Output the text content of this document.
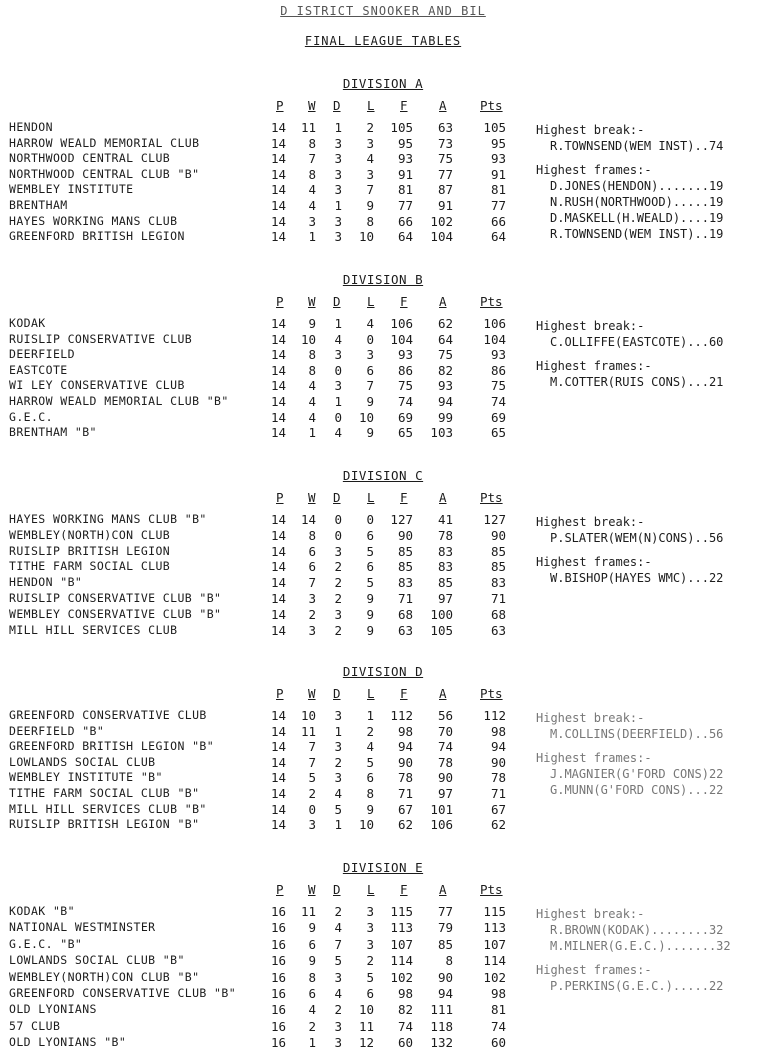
D ISTRICT SNOOKER AND BIL
FINAL LEAGUE TABLES
DIVISION A
P W D L F	A	Pts
HENDON	14 11 1 2 105 63 105
HARROW WEALD MEMORIAL CLUB	14 8 3 3 95 73	95
NORTHWOOD CENTRAL CLUB	14 7 3 4 93 75	93
NORTHWOOD CENTRAL CLUB "B"	14 8 3 3 91 77	91
WEMBLEY INSTITUTE	14 4 3 7 81 87	81
BRENTHAM	14 4 1 9 77 91	77
HAYES WORKING MANS CLUB	14 3 3 8 66 102	66
GREENFORD BRITISH LEGION	14 1 3 10 64 104	64
Highest break:-
R.TOWNSEND(WEM INST)..74
Highest frames:-
D.JONES(HENDON).......19
N.RUSH(NORTHWOOD).....19
D.MASKELL(H.WEALD)....19
R.TOWNSEND(WEM INST)..19
DIVISION B
P W D L F	A	Pts
KODAK	14 9 1 4 106 62 106
RUISLIP CONSERVATIVE CLUB	14 10 4 0 104 64 104
DEERFIELD	14 8 3 3 93 75	93
EASTCOTE	14 8 0 6 86 82	86
WI LEY CONSERVATIVE CLUB	14 4 3 7 75 93	75
HARROW WEALD MEMORIAL CLUB "B"	14 4 1 9 74 94	74
G.E.C.	14 4 0 10 69 99	69
BRENTHAM "B"	14 1 4 9 65 103	65
Highest break:-
C.OLLIFFE(EASTCOTE)...60
Highest frames:-
M.COTTER(RUIS CONS)...21
DIVISION C
P W D L F	A	Pts
HAYES WORKING MANS CLUB "B"	14 14 0 0 127 41 127
WEMBLEY(NORTH)CON CLUB	14 8 0 6 90 78	90
RUISLIP BRITISH LEGION	14 6 3 5 85 83	85
TITHE FARM SOCIAL CLUB	14 6 2 6 85 83	85
HENDON "B"	14 7 2 5 83 85	83
RUISLIP CONSERVATIVE CLUB "B"	14 3 2 9 71 97	71
WEMBLEY CONSERVATIVE CLUB "B"	14 2 3 9 68 100	68
MILL HILL SERVICES CLUB	14 3 2 9 63 105	63
Highest break:-
P.SLATER(WEM(N)CONS)..56
Highest frames:-
W.BISHOP(HAYES WMC)...22
DIVISION D
P W D L F	A	Pts
GREENFORD CONSERVATIVE CLUB	14 10 3 1 112 56 112
DEERFIELD "B"	14 11 1 2 98 70	98
GREENFORD BRITISH LEGION "B"	14 7 3 4 94 74	94
LOWLANDS SOCIAL CLUB	14 7 2 5 90 78	90
WEMBLEY INSTITUTE "B"	14 5 3 6 78 90	78
TITHE FARM SOCIAL CLUB "B"	14 2 4 8 71 97	71
MILL HILL SERVICES CLUB "B"	14 0 5 9 67 101	67
RUISLIP BRITISH LEGION "B"	14 3 1 10 62 106	62
Highest break:-
M.COLLINS(DEERFIELD)..56
Highest frames:-
J.MAGNIER(G'FORD CONS)22
G.MUNN(G'FORD CONS)...22
DIVISION E
P W D L F	A	Pts
KODAK "B"	16 11 2 3 115 77 115
NATIONAL WESTMINSTER	16 9 4 3 113 79 113
G.E.C. "B"	16 6 7 3 107 85 107
LOWLANDS SOCIAL CLUB "B"	16 9 5 2 114	8 114
WEMBLEY(NORTH)CON CLUB "B"	16 8 3 5 102 90 102
GREENFORD CONSERVATIVE CLUB "B"	16 6 4 6 98 94	98
OLD LYONIANS	16 4 2 10 82 111	81
57 CLUB	16 2 3 11 74 118	74
OLD LYONIANS "B"	16 1 3 12 60 132	60
Highest break:-
R.BROWN(KODAK)........32
M.MILNER(G.E.C.).......32
Highest frames:-
P.PERKINS(G.E.C.).....22
